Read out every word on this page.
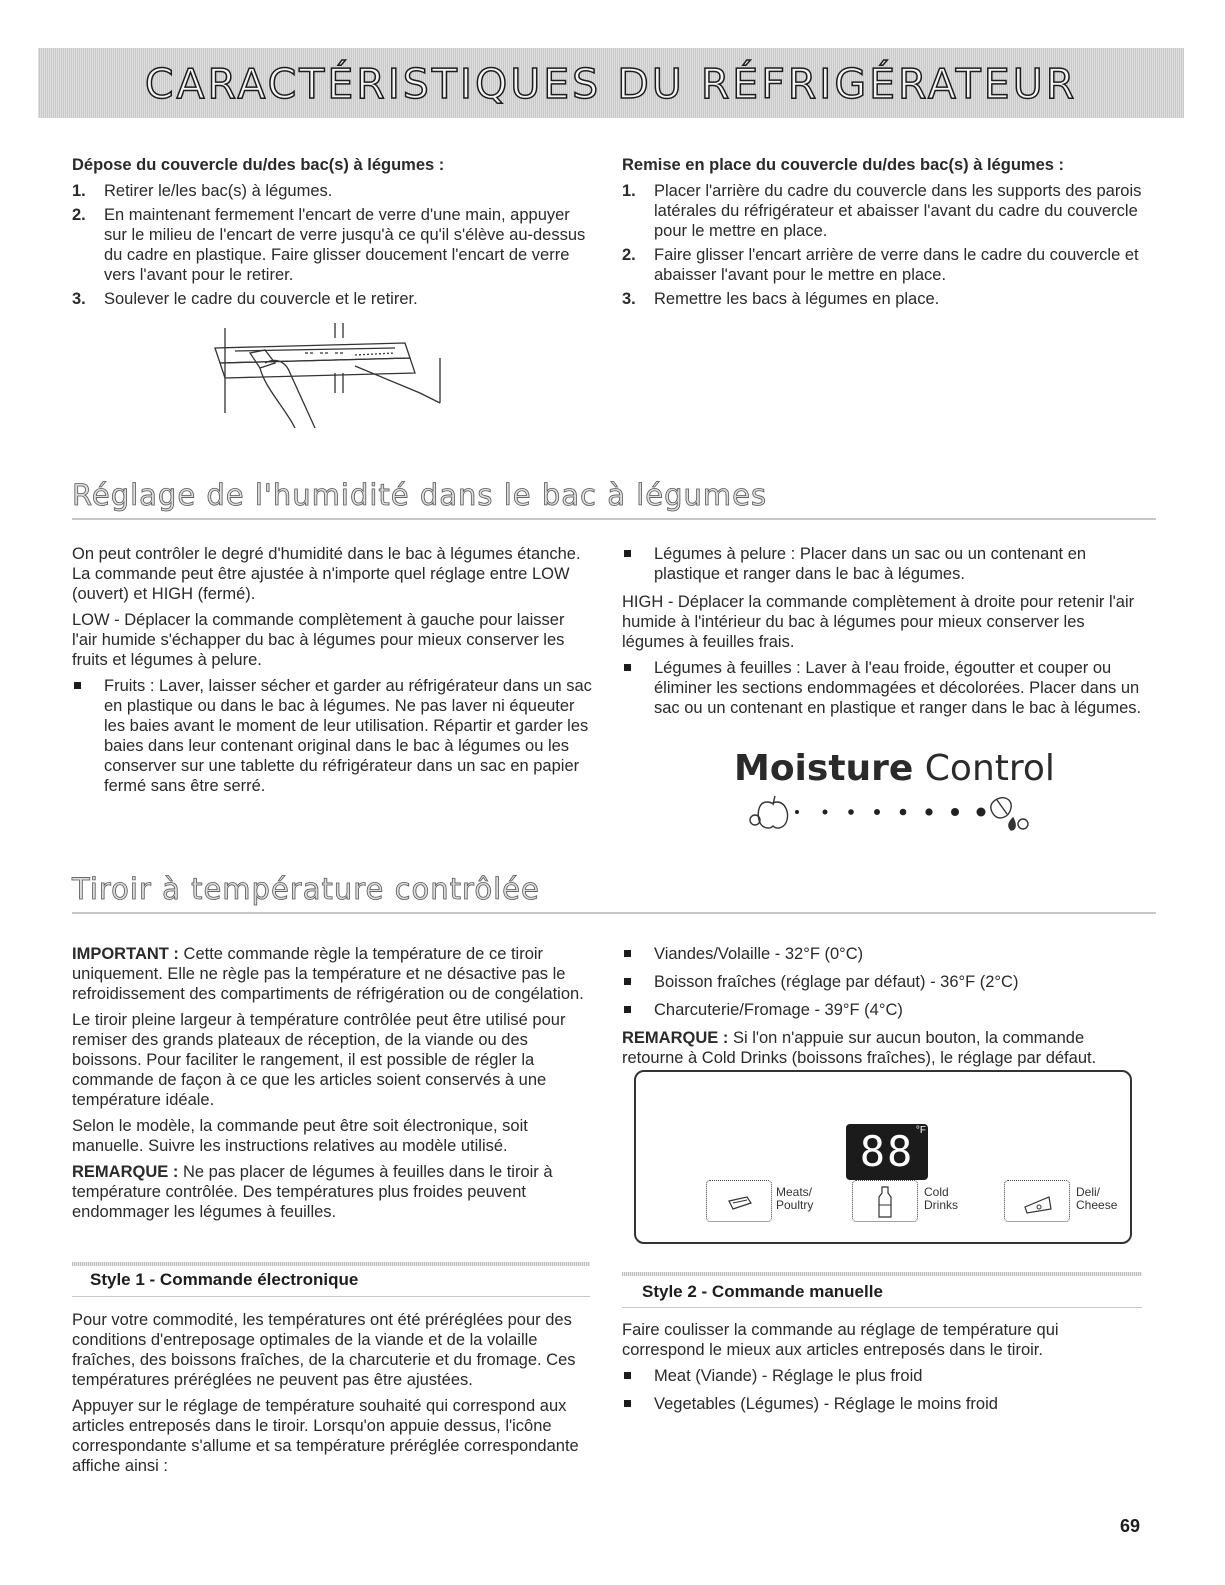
CARACTÉRISTIQUES DU RÉFRIGÉRATEUR
Dépose du couvercle du/des bac(s) à légumes :
1. Retirer le/les bac(s) à légumes.
2. En maintenant fermement l'encart de verre d'une main, appuyer sur le milieu de l'encart de verre jusqu'à ce qu'il s'élève au-dessus du cadre en plastique. Faire glisser doucement l'encart de verre vers l'avant pour le retirer.
3. Soulever le cadre du couvercle et le retirer.
Remise en place du couvercle du/des bac(s) à légumes :
1. Placer l'arrière du cadre du couvercle dans les supports des parois latérales du réfrigérateur et abaisser l'avant du cadre du couvercle pour le mettre en place.
2. Faire glisser l'encart arrière de verre dans le cadre du couvercle et abaisser l'avant pour le mettre en place.
3. Remettre les bacs à légumes en place.
Réglage de l'humidité dans le bac à légumes

On peut contrôler le degré d'humidité dans le bac à légumes étanche. La commande peut être ajustée à n'importe quel réglage entre LOW (ouvert) et HIGH (fermé).

LOW - Déplacer la commande complètement à gauche pour laisser l'air humide s'échapper du bac à légumes pour mieux conserver les fruits et légumes à pelure.

Fruits : Laver, laisser sécher et garder au réfrigérateur dans un sac en plastique ou dans le bac à légumes. Ne pas laver ni équeuter les baies avant le moment de leur utilisation. Répartir et garder les baies dans leur contenant original dans le bac à légumes ou les conserver sur une tablette du réfrigérateur dans un sac en papier fermé sans être serré.
Légumes à pelure : Placer dans un sac ou un contenant en plastique et ranger dans le bac à légumes.

HIGH - Déplacer la commande complètement à droite pour retenir l'air humide à l'intérieur du bac à légumes pour mieux conserver les légumes à feuilles frais.

Légumes à feuilles : Laver à l'eau froide, égoutter et couper ou éliminer les sections endommagées et décolorées. Placer dans un sac ou un contenant en plastique et ranger dans le bac à légumes.
Moisture Control
Tiroir à température contrôlée

IMPORTANT : Cette commande règle la température de ce tiroir uniquement. Elle ne règle pas la température et ne désactive pas le refroidissement des compartiments de réfrigération ou de congélation.

Le tiroir pleine largeur à température contrôlée peut être utilisé pour remiser des grands plateaux de réception, de la viande ou des boissons. Pour faciliter le rangement, il est possible de régler la commande de façon à ce que les articles soient conservés à une température idéale.

Selon le modèle, la commande peut être soit électronique, soit manuelle. Suivre les instructions relatives au modèle utilisé.

REMARQUE : Ne pas placer de légumes à feuilles dans le tiroir à température contrôlée. Des températures plus froides peuvent endommager les légumes à feuilles.

Viandes/Volaille - 32°F (0°C)
Boisson fraîches (réglage par défaut) - 36°F (2°C)
Charcuterie/Fromage - 39°F (4°C)

REMARQUE : Si l'on n'appuie sur aucun bouton, la commande retourne à Cold Drinks (boissons fraîches), le réglage par défaut.

88 °F
Meats/
Poultry
Cold
Drinks
Deli/
Cheese
Style 1 - Commande électronique

Pour votre commodité, les températures ont été préréglées pour des conditions d'entreposage optimales de la viande et de la volaille fraîches, des boissons fraîches, de la charcuterie et du fromage. Ces températures préréglées ne peuvent pas être ajustées.

Appuyer sur le réglage de température souhaité qui correspond aux articles entreposés dans le tiroir. Lorsqu'on appuie dessus, l'icône correspondante s'allume et sa température préréglée correspondante affiche ainsi :

Style 2 - Commande manuelle

Faire coulisser la commande au réglage de température qui correspond le mieux aux articles entreposés dans le tiroir.

Meat (Viande) - Réglage le plus froid
Vegetables (Légumes) - Réglage le moins froid
69
